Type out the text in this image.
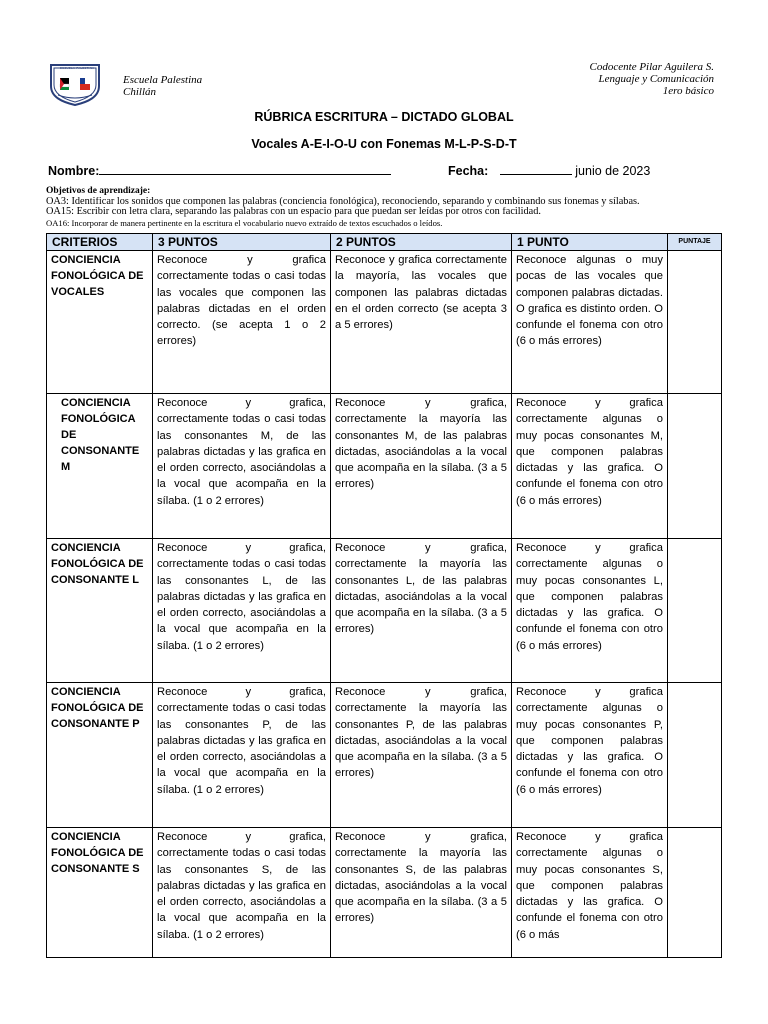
ESCUELA PALESTINA
Escuela Palestina
Chillán
Codocente Pilar Aguilera S.
Lenguaje y Comunicación
1ero básico
RÚBRICA ESCRITURA – DICTADO GLOBAL
Vocales A-E-I-O-U con Fonemas M-L-P-S-D-T
Nombre:	Fecha:	junio de 2023
Objetivos de aprendizaje:
OA3: Identificar los sonidos que componen las palabras (conciencia fonológica), reconociendo, separando y combinando sus fonemas y sílabas.
OA15: Escribir con letra clara, separando las palabras con un espacio para que puedan ser leídas por otros con facilidad.
OA16: Incorporar de manera pertinente en la escritura el vocabulario nuevo extraído de textos escuchados o leídos.
CRITERIOS	3 PUNTOS	2 PUNTOS	1 PUNTO	PUNTAJE
CONCIENCIA FONOLÓGICA DE VOCALES	Reconoce y grafica correctamente todas o casi todas las vocales que componen las palabras dictadas en el orden correcto. (se acepta 1 o 2 errores)	Reconoce y grafica correctamente la mayoría, las vocales que componen las palabras dictadas en el orden correcto (se acepta 3 a 5 errores)	Reconoce algunas o muy pocas de las vocales que componen palabras dictadas. O grafica es distinto orden. O confunde el fonema con otro (6 o más errores)	
CONCIENCIA FONOLÓGICA DE CONSONANTE M	Reconoce y grafica, correctamente todas o casi todas las consonantes M, de las palabras dictadas y las grafica en el orden correcto, asociándolas a la vocal que acompaña en la sílaba. (1 o 2 errores)	Reconoce y grafica, correctamente la mayoría las consonantes M, de las palabras dictadas, asociándolas a la vocal que acompaña en la sílaba. (3 a 5 errores)	Reconoce y grafica correctamente algunas o muy pocas consonantes M, que componen palabras dictadas y las grafica. O confunde el fonema con otro (6 o más errores)	
CONCIENCIA FONOLÓGICA DE CONSONANTE L	Reconoce y grafica, correctamente todas o casi todas las consonantes L, de las palabras dictadas y las grafica en el orden correcto, asociándolas a la vocal que acompaña en la sílaba. (1 o 2 errores)	Reconoce y grafica, correctamente la mayoría las consonantes L, de las palabras dictadas, asociándolas a la vocal que acompaña en la sílaba. (3 a 5 errores)	Reconoce y grafica correctamente algunas o muy pocas consonantes L, que componen palabras dictadas y las grafica. O confunde el fonema con otro (6 o más errores)	
CONCIENCIA FONOLÓGICA DE CONSONANTE P	Reconoce y grafica, correctamente todas o casi todas las consonantes P, de las palabras dictadas y las grafica en el orden correcto, asociándolas a la vocal que acompaña en la sílaba. (1 o 2 errores)	Reconoce y grafica, correctamente la mayoría las consonantes P, de las palabras dictadas, asociándolas a la vocal que acompaña en la sílaba. (3 a 5 errores)	Reconoce y grafica correctamente algunas o muy pocas consonantes P, que componen palabras dictadas y las grafica. O confunde el fonema con otro (6 o más errores)	
CONCIENCIA FONOLÓGICA DE CONSONANTE S	Reconoce y grafica, correctamente todas o casi todas las consonantes S, de las palabras dictadas y las grafica en el orden correcto, asociándolas a la vocal que acompaña en la sílaba. (1 o 2 errores)	Reconoce y grafica, correctamente la mayoría las consonantes S, de las palabras dictadas, asociándolas a la vocal que acompaña en la sílaba. (3 a 5 errores)	Reconoce y grafica correctamente algunas o muy pocas consonantes S, que componen palabras dictadas y las grafica. O confunde el fonema con otro (6 o más	
